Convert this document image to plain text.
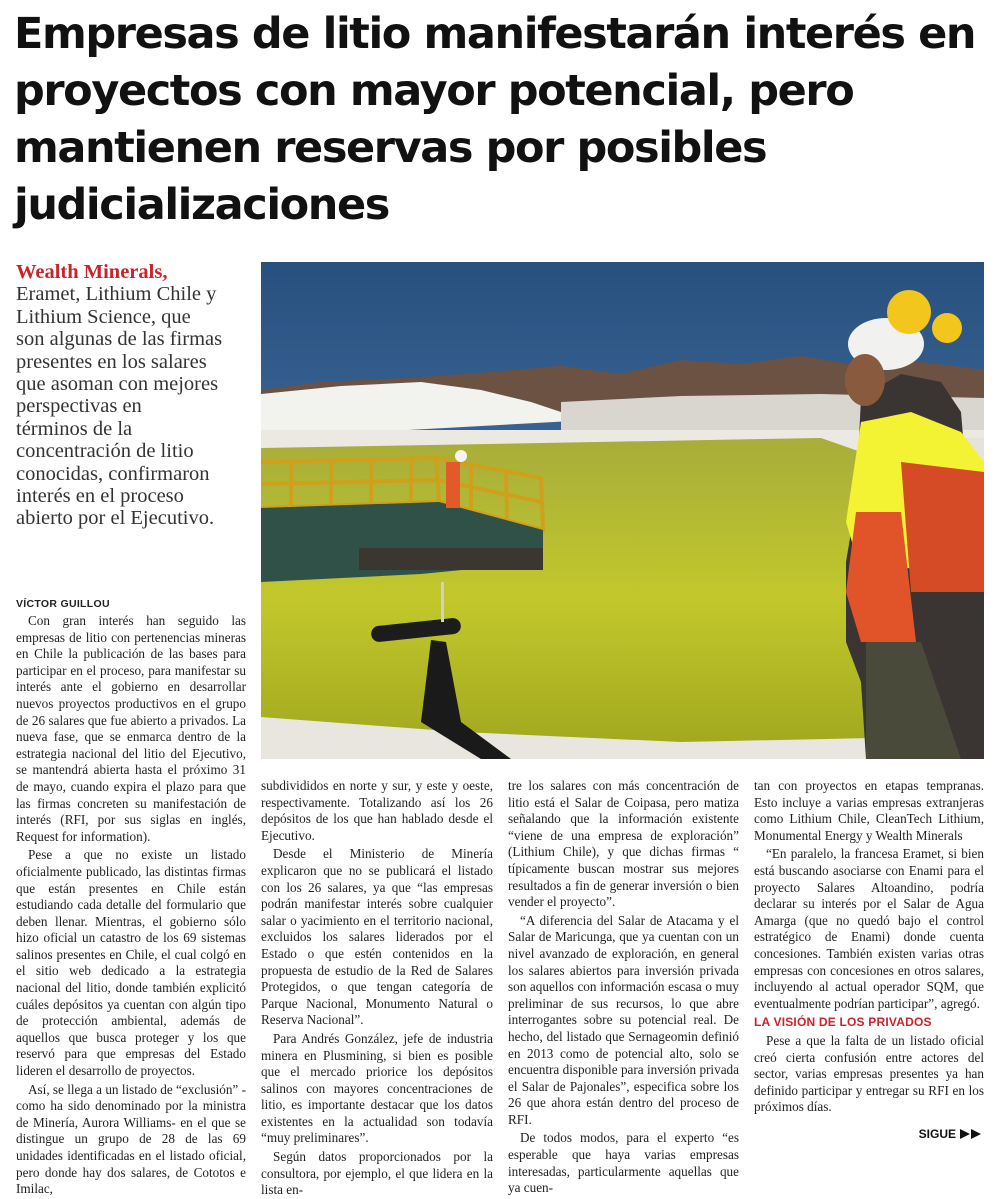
Empresas de litio manifestarán interés en
proyectos con mayor potencial, pero
mantienen reservas por posibles
judicializaciones
Wealth Minerals,
Eramet, Lithium Chile y
Lithium Science, que
son algunas de las firmas
presentes en los salares
que asoman con mejores
perspectivas en
términos de la
concentración de litio
conocidas, confirmaron
interés en el proceso
abierto por el Ejecutivo.
VÍCTOR GUILLOU

Con gran interés han seguido las empresas de litio con pertenencias mineras en Chile la publicación de las bases para participar en el proceso, para manifestar su interés ante el gobierno en desarrollar nuevos proyectos productivos en el grupo de 26 salares que fue abierto a privados. La nueva fase, que se enmarca dentro de la estrategia nacional del litio del Ejecutivo, se mantendrá abierta hasta el próximo 31 de mayo, cuando expira el plazo para que las firmas concreten su manifestación de interés (RFI, por sus siglas en inglés, Request for information).

Pese a que no existe un listado oficialmente publicado, las distintas firmas que están presentes en Chile están estudiando cada detalle del formulario que deben llenar. Mientras, el gobierno sólo hizo oficial un catastro de los 69 sistemas salinos presentes en Chile, el cual colgó en el sitio web dedicado a la estrategia nacional del litio, donde también explicitó cuáles depósitos ya cuentan con algún tipo de protección ambiental, además de aquellos que busca proteger y los que reservó para que empresas del Estado lideren el desarrollo de proyectos.

Así, se llega a un listado de “exclusión” -como ha sido denominado por la ministra de Minería, Aurora Williams- en el que se distingue un grupo de 28 de las 69 unidades identificadas en el listado oficial, pero donde hay dos salares, de Cototos e Imilac,

subdivididos en norte y sur, y este y oeste, respectivamente. Totalizando así los 26 depósitos de los que han hablado desde el Ejecutivo.

Desde el Ministerio de Minería explicaron que no se publicará el listado con los 26 salares, ya que “las empresas podrán manifestar interés sobre cualquier salar o yacimiento en el territorio nacional, excluidos los salares liderados por el Estado o que estén contenidos en la propuesta de estudio de la Red de Salares Protegidos, o que tengan categoría de Parque Nacional, Monumento Natural o Reserva Nacional”.

Para Andrés González, jefe de industria minera en Plusmining, si bien es posible que el mercado priorice los depósitos salinos con mayores concentraciones de litio, es importante destacar que los datos existentes en la actualidad son todavía “muy preliminares”.

Según datos proporcionados por la consultora, por ejemplo, el que lidera en la lista en-

tre los salares con más concentración de litio está el Salar de Coipasa, pero matiza señalando que la información existente “viene de una empresa de exploración” (Lithium Chile), y que dichas firmas “ típicamente buscan mostrar sus mejores resultados a fin de generar inversión o bien vender el proyecto”.

“A diferencia del Salar de Atacama y el Salar de Maricunga, que ya cuentan con un nivel avanzado de exploración, en general los salares abiertos para inversión privada son aquellos con información escasa o muy preliminar de sus recursos, lo que abre interrogantes sobre su potencial real. De hecho, del listado que Sernageomin definió en 2013 como de potencial alto, solo se encuentra disponible para inversión privada el Salar de Pajonales”, especifica sobre los 26 que ahora están dentro del proceso de RFI.

De todos modos, para el experto “es esperable que haya varias empresas interesadas, particularmente aquellas que ya cuen-

tan con proyectos en etapas tempranas. Esto incluye a varias empresas extranjeras como Lithium Chile, CleanTech Lithium, Monumental Energy y Wealth Minerals

“En paralelo, la francesa Eramet, si bien está buscando asociarse con Enami para el proyecto Salares Altoandino, podría declarar su interés por el Salar de Agua Amarga (que no quedó bajo el control estratégico de Enami) donde cuenta concesiones. También existen varias otras empresas con concesiones en otros salares, incluyendo al actual operador SQM, que eventualmente podrían participar”, agregó.

LA VISIÓN DE LOS PRIVADOS

Pese a que la falta de un listado oficial creó cierta confusión entre actores del sector, varias empresas presentes ya han definido participar y entregar su RFI en los próximos días.

SIGUE
